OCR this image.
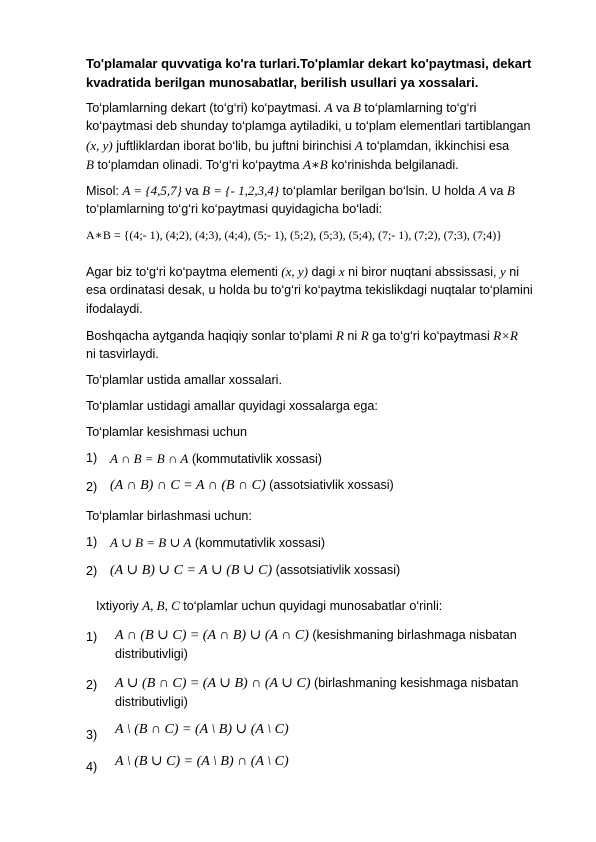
To'plamalar quvvatiga ko'ra turlari.To'plamlar dekart ko'paytmasi, dekart
kvadratida berilgan munosabatlar, berilish usullari ya xossalari.
To‘plamlarning dekart (to‘g‘ri) ko‘paytmasi. A va B to‘plamlarning to‘g‘ri
ko‘paytmasi deb shunday to‘plamga aytiladiki, u to‘plam elementlari tartiblangan
(x, y) juftliklardan iborat bo‘lib, bu juftni birinchisi A to‘plamdan, ikkinchisi esa
B to‘plamdan olinadi. To‘g‘ri ko‘paytma A∗B ko‘rinishda belgilanadi.
Misol: A = {4,5,7} va B = {- 1,2,3,4} to‘plamlar berilgan bo‘lsin. U holda A va B
to‘plamlarning to‘g‘ri ko‘paytmasi quyidagicha bo‘ladi:
A∗B = {(4;- 1), (4;2), (4;3), (4;4), (5;- 1), (5;2), (5;3), (5;4), (7;- 1), (7;2), (7;3), (7;4)}
Agar biz to‘g‘ri ko‘paytma elementi (x, y) dagi x ni biror nuqtani abssissasi, y ni
esa ordinatasi desak, u holda bu to‘g‘ri ko‘paytma tekislikdagi nuqtalar to‘plamini
ifodalaydi.
Boshqacha aytganda haqiqiy sonlar to‘plami R ni R ga to‘g‘ri ko‘paytmasi R×R
ni tasvirlaydi.
To‘plamlar ustida amallar xossalari.
To‘plamlar ustidagi amallar quyidagi xossalarga ega:
To‘plamlar kesishmasi uchun
1) A ∩ B = B ∩ A (kommutativlik xossasi)
2) (A ∩ B) ∩ C = A ∩ (B ∩ C) (assotsiativlik xossasi)
To‘plamlar birlashmasi uchun:
1) A ∪ B = B ∪ A (kommutativlik xossasi)
2) (A ∪ B) ∪ C = A ∪ (B ∪ C) (assotsiativlik xossasi)
Ixtiyoriy A, B, C to‘plamlar uchun quyidagi munosabatlar o‘rinli:
1) A ∩ (B ∪ C) = (A ∩ B) ∪ (A ∩ C) (kesishmaning birlashmaga nisbatan
distributivligi)
2) A ∪ (B ∩ C) = (A ∪ B) ∩ (A ∪ C) (birlashmaning kesishmaga nisbatan
distributivligi)
3) A \ (B ∩ C) = (A \ B) ∪ (A \ C)
4) A \ (B ∪ C) = (A \ B) ∩ (A \ C)
